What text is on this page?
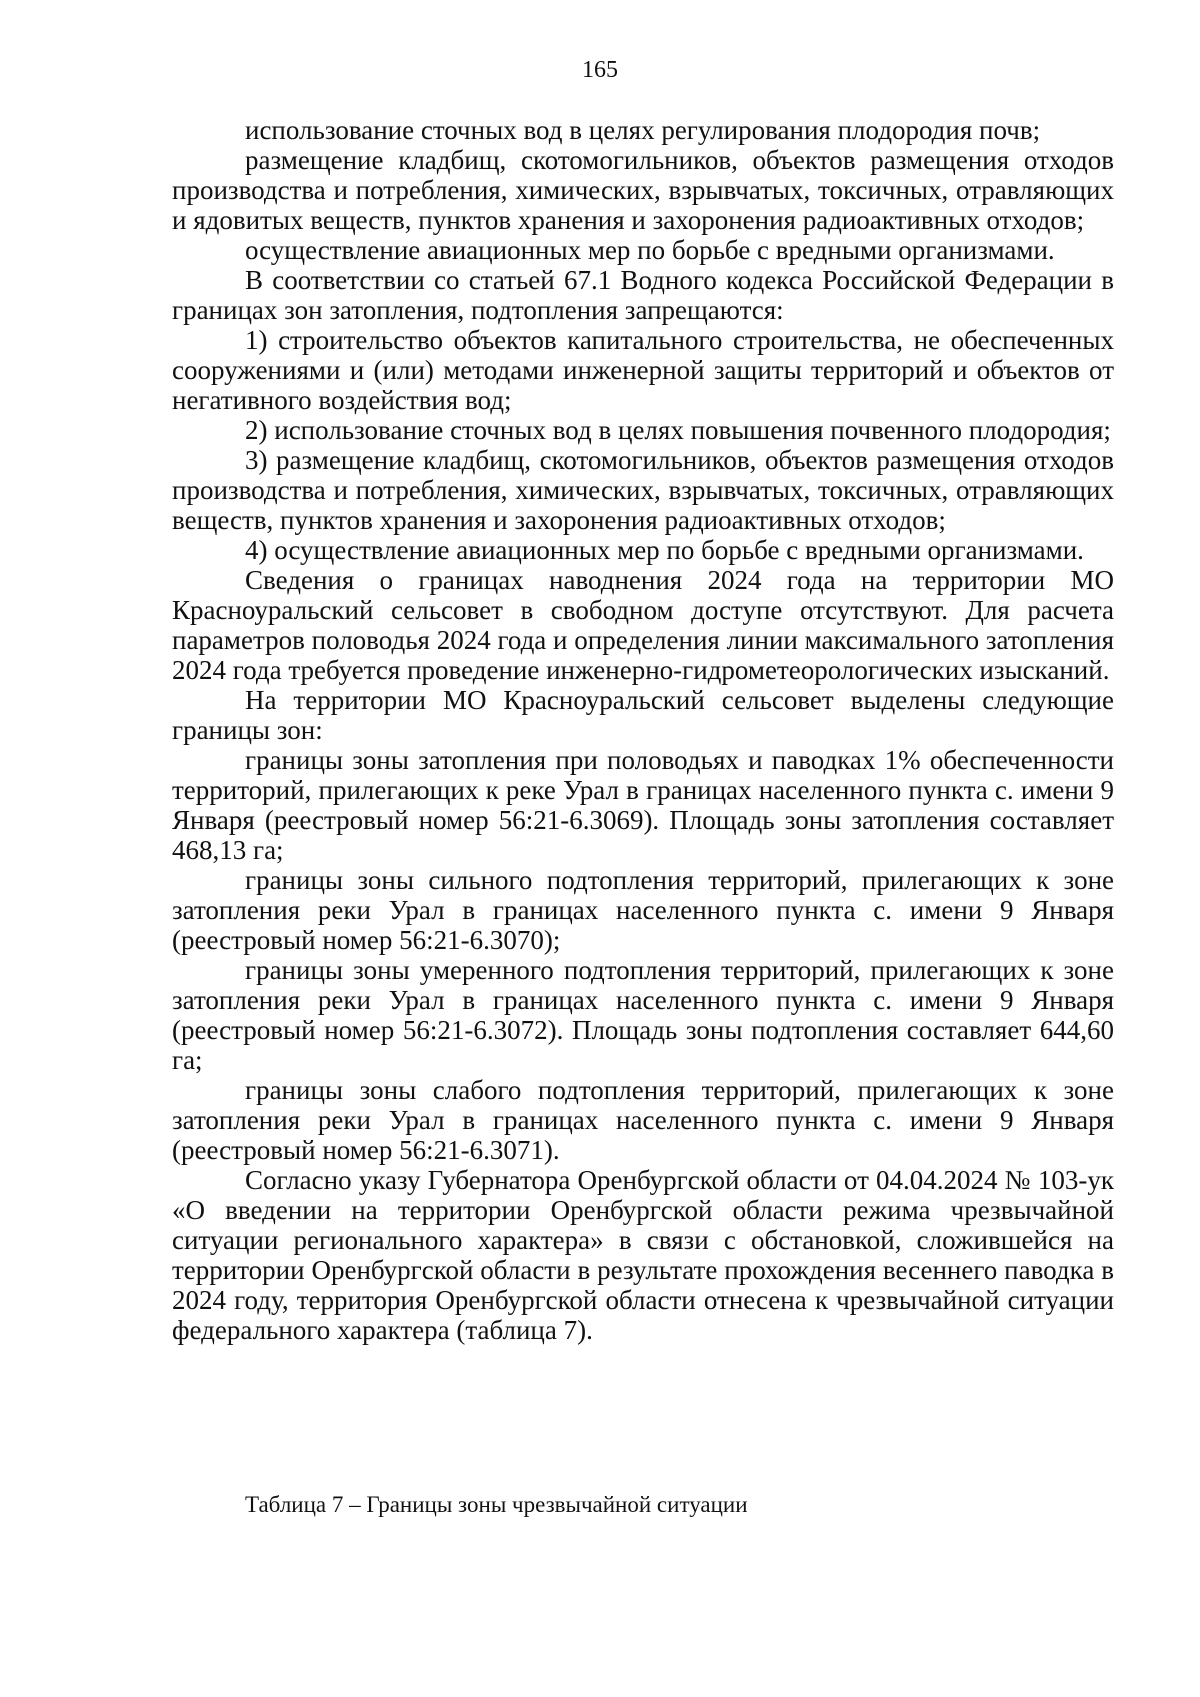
165

использование сточных вод в целях регулирования плодородия почв;

размещение кладбищ, скотомогильников, объектов размещения отходов производства и потребления, химических, взрывчатых, токсичных, отравляющих и ядовитых веществ, пунктов хранения и захоронения радиоактивных отходов;

осуществление авиационных мер по борьбе с вредными организмами.

В соответствии со статьей 67.1 Водного кодекса Российской Федерации в границах зон затопления, подтопления запрещаются:

1) строительство объектов капитального строительства, не обеспеченных сооружениями и (или) методами инженерной защиты территорий и объектов от негативного воздействия вод;

2) использование сточных вод в целях повышения почвенного плодородия;

3) размещение кладбищ, скотомогильников, объектов размещения отходов производства и потребления, химических, взрывчатых, токсичных, отравляющих веществ, пунктов хранения и захоронения радиоактивных отходов;

4) осуществление авиационных мер по борьбе с вредными организмами.

Сведения о границах наводнения 2024 года на территории МО Красноуральский сельсовет в свободном доступе отсутствуют. Для расчета параметров половодья 2024 года и определения линии максимального затопления 2024 года требуется проведение инженерно-гидрометеорологических изысканий.

На территории МО Красноуральский сельсовет выделены следующие границы зон:

границы зоны затопления при половодьях и паводках 1% обеспеченности территорий, прилегающих к реке Урал в границах населенного пункта с. имени 9 Января (реестровый номер 56:21-6.3069). Площадь зоны затопления составляет 468,13 га;

границы зоны сильного подтопления территорий, прилегающих к зоне затопления реки Урал в границах населенного пункта с. имени 9 Января (реестровый номер 56:21-6.3070);

границы зоны умеренного подтопления территорий, прилегающих к зоне затопления реки Урал в границах населенного пункта с. имени 9 Января (реестровый номер 56:21-6.3072). Площадь зоны подтопления составляет 644,60 га;

границы зоны слабого подтопления территорий, прилегающих к зоне затопления реки Урал в границах населенного пункта с. имени 9 Января (реестровый номер 56:21-6.3071).

Согласно указу Губернатора Оренбургской области от 04.04.2024 № 103-ук «О введении на территории Оренбургской области режима чрезвычайной ситуации регионального характера» в связи с обстановкой, сложившейся на территории Оренбургской области в результате прохождения весеннего паводка в 2024 году, территория Оренбургской области отнесена к чрезвычайной ситуации федерального характера (таблица 7).

Таблица 7 – Границы зоны чрезвычайной ситуации
